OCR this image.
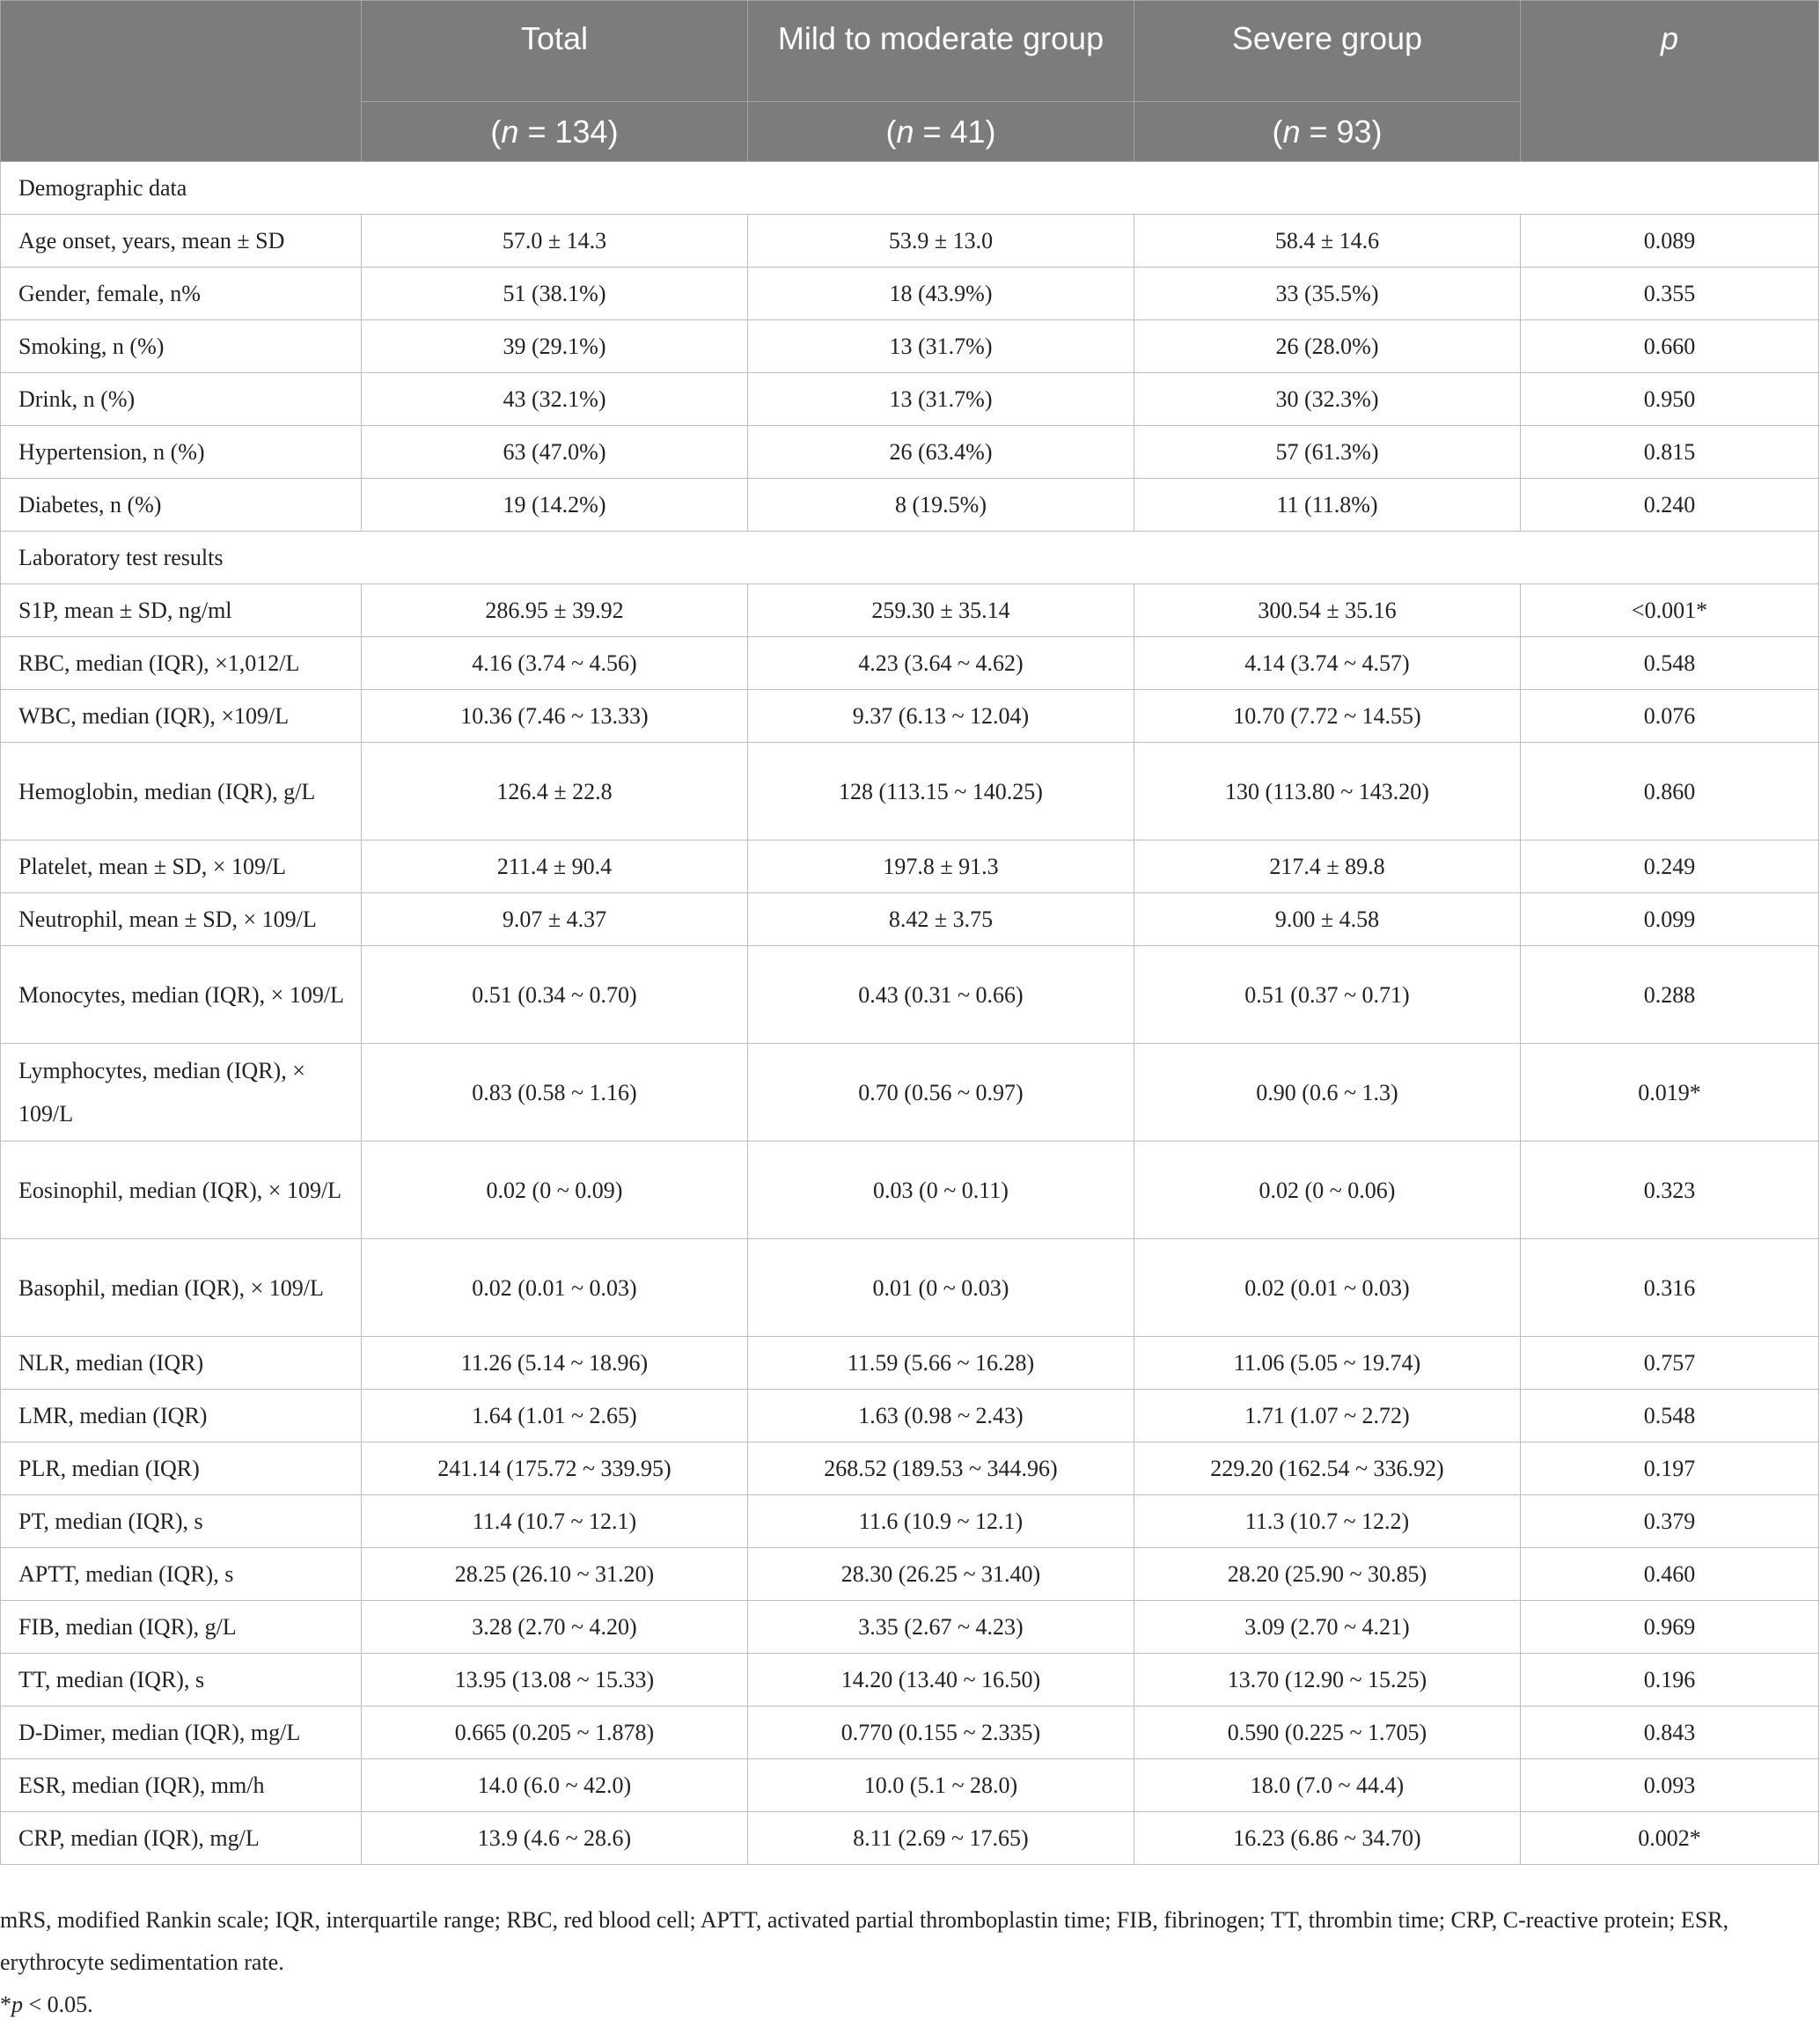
	Total	Mild to moderate group	Severe group	p
	(n = 134)	(n = 41)	(n = 93)	
Demographic data				
Age onset, years, mean ± SD	57.0 ± 14.3	53.9 ± 13.0	58.4 ± 14.6	0.089
Gender, female, n%	51 (38.1%)	18 (43.9%)	33 (35.5%)	0.355
Smoking, n (%)	39 (29.1%)	13 (31.7%)	26 (28.0%)	0.660
Drink, n (%)	43 (32.1%)	13 (31.7%)	30 (32.3%)	0.950
Hypertension, n (%)	63 (47.0%)	26 (63.4%)	57 (61.3%)	0.815
Diabetes, n (%)	19 (14.2%)	8 (19.5%)	11 (11.8%)	0.240
Laboratory test results				
S1P, mean ± SD, ng/ml	286.95 ± 39.92	259.30 ± 35.14	300.54 ± 35.16	<0.001*
RBC, median (IQR), ×1,012/L	4.16 (3.74 ~ 4.56)	4.23 (3.64 ~ 4.62)	4.14 (3.74 ~ 4.57)	0.548
WBC, median (IQR), ×109/L	10.36 (7.46 ~ 13.33)	9.37 (6.13 ~ 12.04)	10.70 (7.72 ~ 14.55)	0.076
Hemoglobin, median (IQR), g/L	126.4 ± 22.8	128 (113.15 ~ 140.25)	130 (113.80 ~ 143.20)	0.860
Platelet, mean ± SD, × 109/L	211.4 ± 90.4	197.8 ± 91.3	217.4 ± 89.8	0.249
Neutrophil, mean ± SD, × 109/L	9.07 ± 4.37	8.42 ± 3.75	9.00 ± 4.58	0.099
Monocytes, median (IQR), × 109/L	0.51 (0.34 ~ 0.70)	0.43 (0.31 ~ 0.66)	0.51 (0.37 ~ 0.71)	0.288
Lymphocytes, median (IQR), × 109/L	0.83 (0.58 ~ 1.16)	0.70 (0.56 ~ 0.97)	0.90 (0.6 ~ 1.3)	0.019*
Eosinophil, median (IQR), × 109/L	0.02 (0 ~ 0.09)	0.03 (0 ~ 0.11)	0.02 (0 ~ 0.06)	0.323
Basophil, median (IQR), × 109/L	0.02 (0.01 ~ 0.03)	0.01 (0 ~ 0.03)	0.02 (0.01 ~ 0.03)	0.316
NLR, median (IQR)	11.26 (5.14 ~ 18.96)	11.59 (5.66 ~ 16.28)	11.06 (5.05 ~ 19.74)	0.757
LMR, median (IQR)	1.64 (1.01 ~ 2.65)	1.63 (0.98 ~ 2.43)	1.71 (1.07 ~ 2.72)	0.548
PLR, median (IQR)	241.14 (175.72 ~ 339.95)	268.52 (189.53 ~ 344.96)	229.20 (162.54 ~ 336.92)	0.197
PT, median (IQR), s	11.4 (10.7 ~ 12.1)	11.6 (10.9 ~ 12.1)	11.3 (10.7 ~ 12.2)	0.379
APTT, median (IQR), s	28.25 (26.10 ~ 31.20)	28.30 (26.25 ~ 31.40)	28.20 (25.90 ~ 30.85)	0.460
FIB, median (IQR), g/L	3.28 (2.70 ~ 4.20)	3.35 (2.67 ~ 4.23)	3.09 (2.70 ~ 4.21)	0.969
TT, median (IQR), s	13.95 (13.08 ~ 15.33)	14.20 (13.40 ~ 16.50)	13.70 (12.90 ~ 15.25)	0.196
D-Dimer, median (IQR), mg/L	0.665 (0.205 ~ 1.878)	0.770 (0.155 ~ 2.335)	0.590 (0.225 ~ 1.705)	0.843
ESR, median (IQR), mm/h	14.0 (6.0 ~ 42.0)	10.0 (5.1 ~ 28.0)	18.0 (7.0 ~ 44.4)	0.093
CRP, median (IQR), mg/L	13.9 (4.6 ~ 28.6)	8.11 (2.69 ~ 17.65)	16.23 (6.86 ~ 34.70)	0.002*

mRS, modified Rankin scale; IQR, interquartile range; RBC, red blood cell; APTT, activated partial thromboplastin time; FIB, fibrinogen; TT, thrombin time; CRP, C-reactive protein; ESR, erythrocyte sedimentation rate.

*p < 0.05.
